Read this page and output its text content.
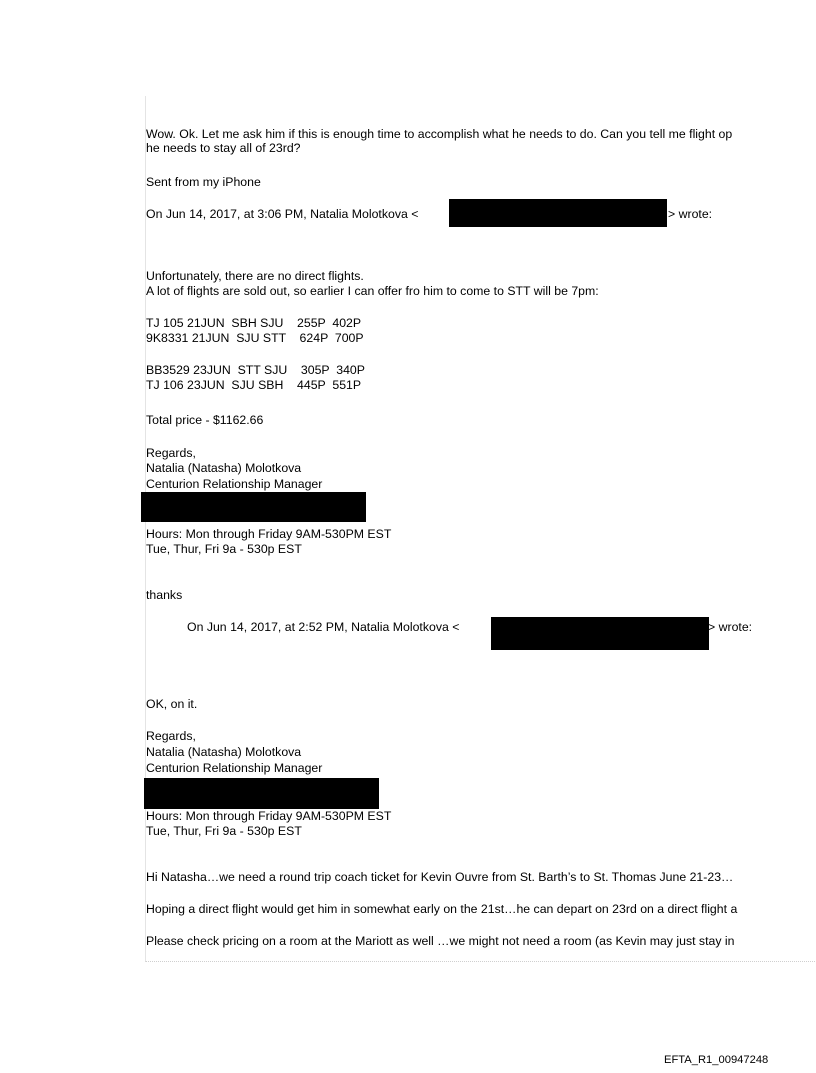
Wow. Ok. Let me ask him if this is enough time to accomplish what he needs to do. Can you tell me flight op
he needs to stay all of 23rd?
Sent from my iPhone
On Jun 14, 2017, at 3:06 PM, Natalia Molotkova <	> wrote:
Unfortunately, there are no direct flights.
A lot of flights are sold out, so earlier I can offer fro him to come to STT will be 7pm:
TJ 105 21JUN  SBH SJU    255P  402P
9K8331 21JUN  SJU STT    624P  700P
BB3529 23JUN  STT SJU    305P  340P
TJ 106 23JUN  SJU SBH    445P  551P
Total price - $1162.66
Regards,
Natalia (Natasha) Molotkova
Centurion Relationship Manager
Hours: Mon through Friday 9AM-530PM EST
Tue, Thur, Fri 9a - 530p EST
thanks
On Jun 14, 2017, at 2:52 PM, Natalia Molotkova <	> wrote:
OK, on it.
Regards,
Natalia (Natasha) Molotkova
Centurion Relationship Manager
Hours: Mon through Friday 9AM-530PM EST
Tue, Thur, Fri 9a - 530p EST
Hi Natasha…we need a round trip coach ticket for Kevin Ouvre from St. Barth’s to St. Thomas June 21-23…
Hoping a direct flight would get him in somewhat early on the 21st…he can depart on 23rd on a direct flight a
Please check pricing on a room at the Mariott as well …we might not need a room (as Kevin may just stay in
EFTA_R1_00947248
